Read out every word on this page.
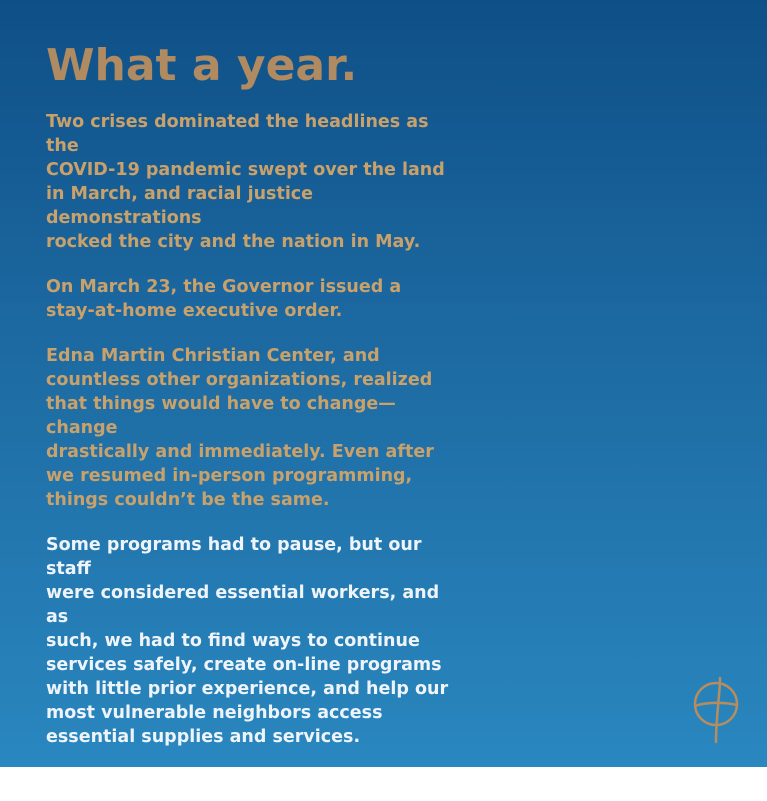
What a year.

Two crises dominated the headlines as the
COVID-19 pandemic swept over the land
in March, and racial justice demonstrations
rocked the city and the nation in May.

On March 23, the Governor issued a
stay-at-home executive order.

Edna Martin Christian Center, and
countless other organizations, realized
that things would have to change—change
drastically and immediately. Even after
we resumed in-person programming,
things couldn’t be the same.

Some programs had to pause, but our staff
were considered essential workers, and as
such, we had to find ways to continue
services safely, create on-line programs
with little prior experience, and help our
most vulnerable neighbors access
essential supplies and services.

And we did.
